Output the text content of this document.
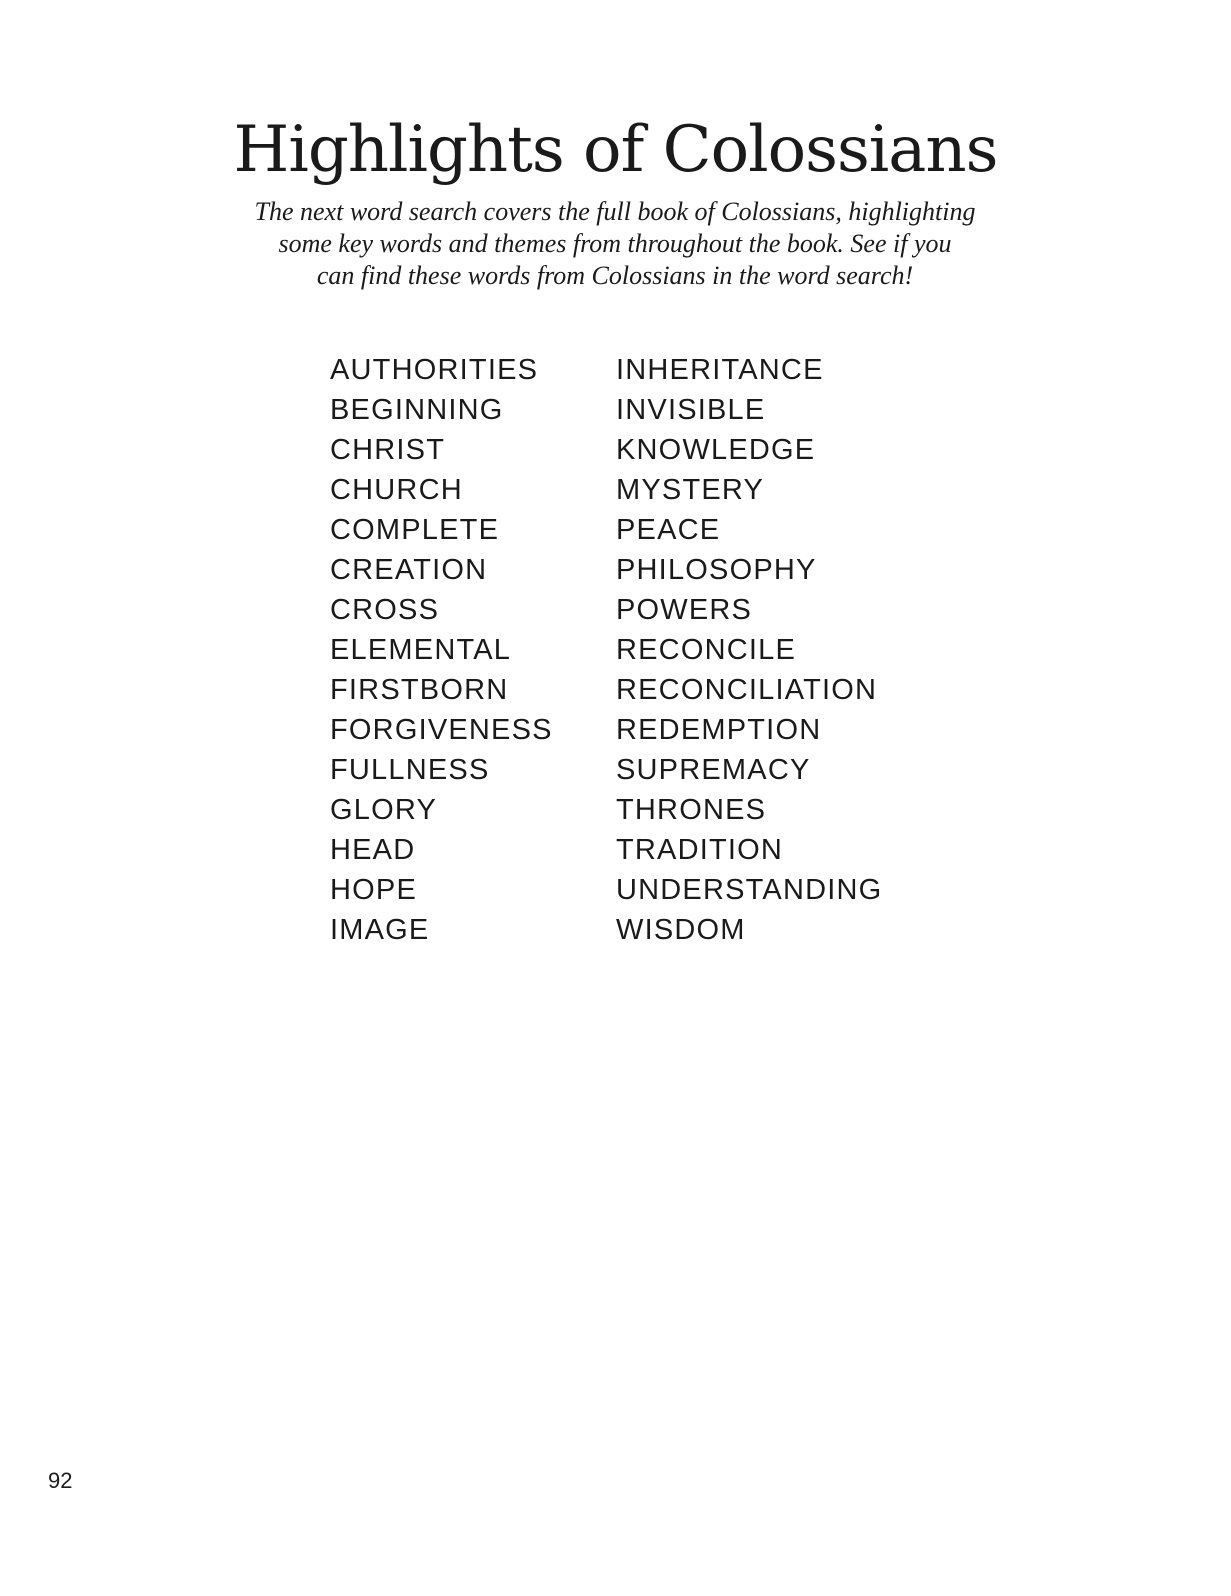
Highlights of Colossians

The next word search covers the full book of Colossians, highlighting
some key words and themes from throughout the book. See if you
can find these words from Colossians in the word search!

AUTHORITIES
BEGINNING
CHRIST
CHURCH
COMPLETE
CREATION
CROSS
ELEMENTAL
FIRSTBORN
FORGIVENESS
FULLNESS
GLORY
HEAD
HOPE
IMAGE
INHERITANCE
INVISIBLE
KNOWLEDGE
MYSTERY
PEACE
PHILOSOPHY
POWERS
RECONCILE
RECONCILIATION
REDEMPTION
SUPREMACY
THRONES
TRADITION
UNDERSTANDING
WISDOM
92
